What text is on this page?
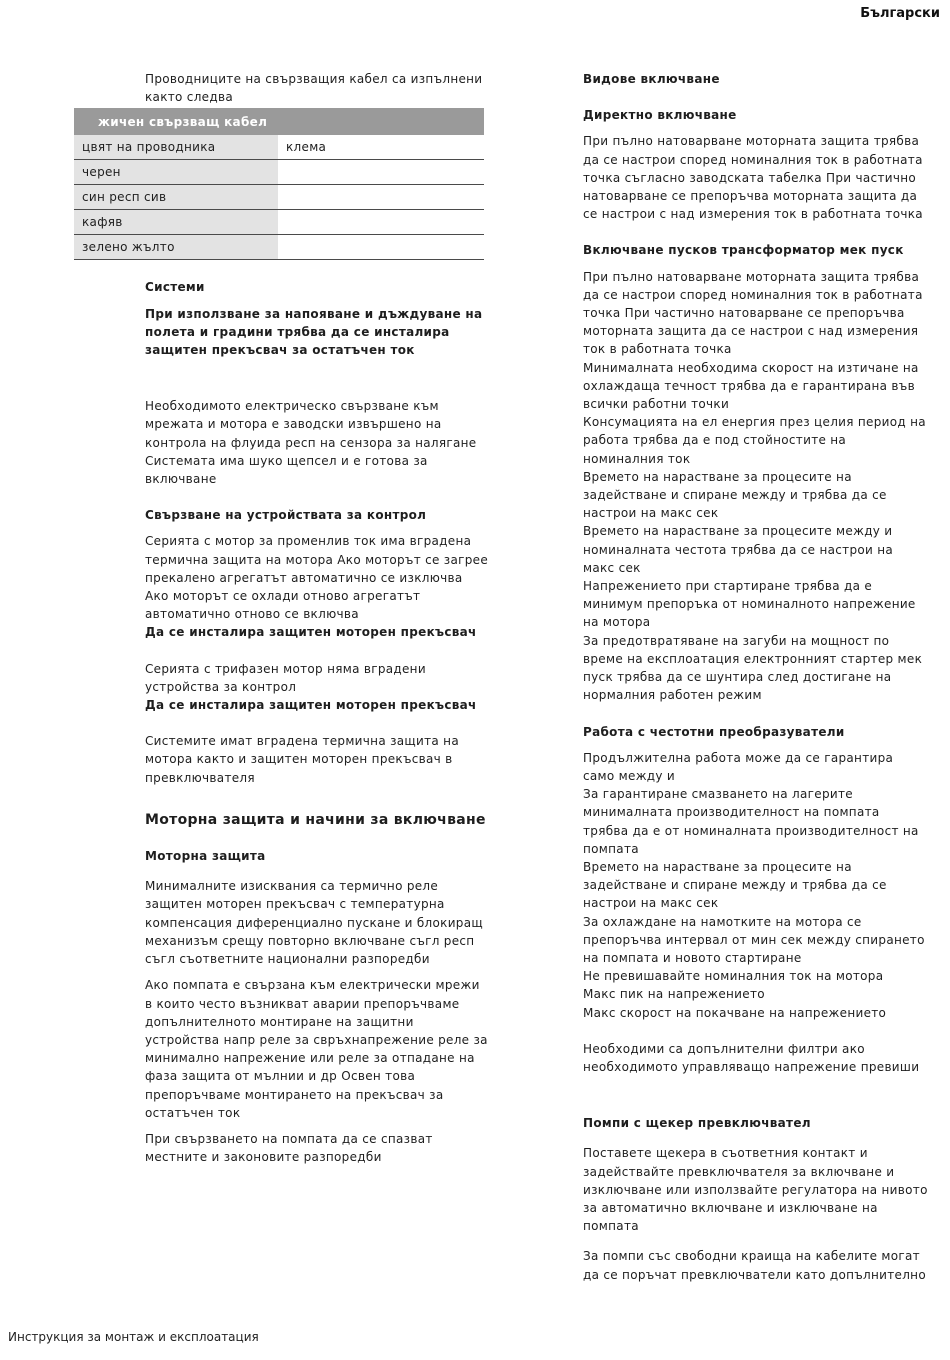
Български

Проводниците на свързващия кабел са изпълнени както следва

жичен свързващ кабел	
цвят на проводника	клема
черен	
син респ сив	
кафяв	
зелено жълто	

Системи

При използване за напояване и дъждуване на полета и градини трябва да се инсталира защитен прекъсвач за остатъчен ток

Необходимото електрическо свързване към мрежата и мотора е заводски извършено на контрола на флуида респ на сензора за налягане Системата има шуко щепсел и е готова за включване

Свързване на устройствата за контрол

Серията с мотор за променлив ток има вградена термична защита на мотора Ако моторът се загрее прекалено агрегатът автоматично се изключва Ако моторът се охлади отново агрегатът автоматично отново се включва

Да се инсталира защитен моторен прекъсвач

Серията с трифазен мотор няма вградени устройства за контрол

Да се инсталира защитен моторен прекъсвач

Системите имат вградена термична защита на мотора както и защитен моторен прекъсвач в превключвателя

Моторна защита и начини за включване

Моторна защита

Минималните изисквания са термично реле защитен моторен прекъсвач с температурна компенсация диференциално пускане и блокиращ механизъм срещу повторно включване съгл респ съгл съответните национални разпоредби

Ако помпата е свързана към електрически мрежи в които често възникват аварии препоръчваме допълнителното монтиране на защитни устройства напр реле за свръхнапрежение реле за минимално напрежение или реле за отпадане на фаза защита от мълнии и др Освен това препоръчваме монтирането на прекъсвач за остатъчен ток

При свързването на помпата да се спазват местните и законовите разпоредби

Видове включване

Директно включване

При пълно натоварване моторната защита трябва да се настрои според номиналния ток в работната точка съгласно заводската табелка При частично натоварване се препоръчва моторната защита да се настрои с над измерения ток в работната точка

Включване пусков трансформатор мек пуск

При пълно натоварване моторната защита трябва да се настрои според номиналния ток в работната точка При частично натоварване се препоръчва моторната защита да се настрои с над измерения ток в работната точка

Минималната необходима скорост на изтичане на охлаждаща течност трябва да е гарантирана във всички работни точки

Консумацията на ел енергия през целия период на работа трябва да е под стойностите на номиналния ток

Времето на нарастване за процесите на задействане и спиране между и трябва да се настрои на макс сек

Времето на нарастване за процесите между и номиналната честота трябва да се настрои на макс сек

Напрежението при стартиране трябва да е минимум препоръка от номиналното напрежение на мотора

За предотвратяване на загуби на мощност по време на експлоатация електронният стартер мек пуск трябва да се шунтира след достигане на нормалния работен режим

Работа с честотни преобразуватели

Продължителна работа може да се гарантира само между и

За гарантиране смазването на лагерите минималната производителност на помпата трябва да е от номиналната производителност на помпата

Времето на нарастване за процесите на задействане и спиране между и трябва да се настрои на макс сек

За охлаждане на намотките на мотора се препоръчва интервал от мин сек между спирането на помпата и новото стартиране

Не превишавайте номиналния ток на мотора

Макс пик на напрежението

Макс скорост на покачване на напрежението

Необходими са допълнителни филтри ако необходимото управляващо напрежение превиши

Помпи с щекер превключвател

Поставете щекера в съответния контакт и задействайте превключвателя за включване и изключване или използвайте регулатора на нивото за автоматично включване и изключване на помпата

За помпи със свободни краища на кабелите могат да се поръчат превключватели като допълнително

Инструкция за монтаж и експлоатация
